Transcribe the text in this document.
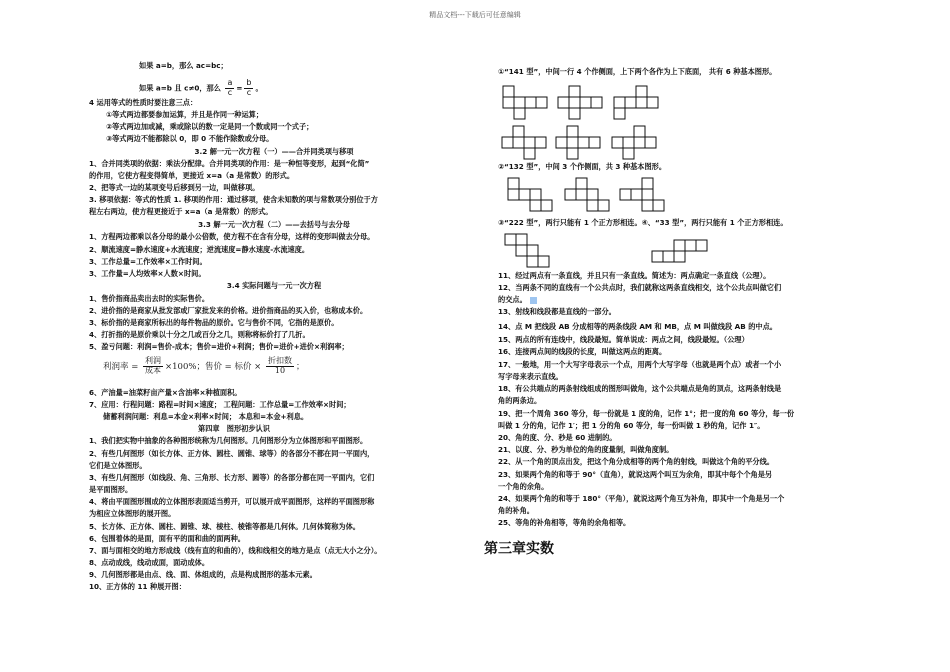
精品文档---下载后可任意编辑
如果 a=b，那么 ac=bc；
如果 a=b 且 c≠0，那么 $\frac{a}{c} = \frac{b}{c}$ 。
4 运用等式的性质时要注意三点：
①等式两边都要参加运算，并且是作同一种运算；
②等式两边加或减，乘或除以的数一定是同一个数或同一个式子；
③等式两边不能都除以 0，即 0 不能作除数或分母。
3.2 解一元一次方程（一）——合并同类项与移项
1、合并同类项的依据：乘法分配律。合并同类项的作用：是一种恒等变形，起到“化简”
的作用，它使方程变得简单，更接近 x=a（a 是常数）的形式。
2、把等式一边的某项变号后移到另一边，叫做移项。
3. 移项依据：等式的性质 1. 移项的作用：通过移项，使含未知数的项与常数项分别位于方
程左右两边，使方程更接近于 x=a（a 是常数）的形式。
3.3 解一元一次方程（二）——去括号与去分母
1、方程两边都乘以各分母的最小公倍数，使方程不在含有分母，这样的变形叫做去分母。
2、顺流速度=静水速度+水流速度；逆流速度=静水速度-水流速度。
3、工作总量=工作效率×工作时间。
3、工作量=人均效率×人数×时间。
3.4 实际问题与一元一次方程
1、售价指商品卖出去时的实际售价。
2、进价指的是商家从批发部或厂家批发来的价格。进价指商品的买入价，也称成本价。
3、标价指的是商家所标出的每件物品的原价。它与售价不同，它指的是原价。
4、打折指的是原价乘以十分之几或百分之几，则称将标价打了几折。
5、盈亏问题：利润=售价-成本；售价=进价+利润；售价=进价+进价×利润率；
利润率 = $\frac{\text{利润}}{\text{成本}} \times 100\%$；售价 = 标价 × $\frac{\text{折扣数}}{10}$ ；
6、产油量=油菜籽亩产量×含油率×种植面积。
7、应用：行程问题：路程=时间×速度； 工程问题：工作总量=工作效率×时间；
储蓄利润问题：利息=本金×利率×时间； 本息和=本金+利息。
第四章　图形初步认识
1、我们把实物中抽象的各种图形统称为几何图形。几何图形分为立体图形和平面图形。
2、有些几何图形（如长方体、正方体、圆柱、圆锥、球等）的各部分不都在同一平面内，
它们是立体图形。
3、有些几何图形（如线段、角、三角形、长方形、圆等）的各部分都在同一平面内，它们
是平面图形。
4、将由平面图形围成的立体图形表面适当剪开，可以展开成平面图形，这样的平面图形称
为相应立体图形的展开图。
5、长方体、正方体、圆柱、圆锥、球、棱柱、棱锥等都是几何体。几何体简称为体。
6、包围着体的是面，面有平的面和曲的面两种。
7、面与面相交的地方形成线（线有直的和曲的），线和线相交的地方是点（点无大小之分）。
8、点动成线，线动成面，面动成体。
9、几何图形都是由点、线、面、体组成的，点是构成图形的基本元素。
10、正方体的 11 种展开图：
①“141 型”，中间一行 4 个作侧面，上下两个各作为上下底面， 共有 6 种基本图形。
②“132 型”，中间 3 个作侧面，共 3 种基本图形。
③“222 型”，两行只能有 1 个正方形相连。④、“33 型”，两行只能有 1 个正方形相连。
11、经过两点有一条直线，并且只有一条直线。简述为：两点确定一条直线（公理）。
12、当两条不同的直线有一个公共点时，我们就称这两条直线相交，这个公共点叫做它们
的交点。
13、射线和线段都是直线的一部分。
14、点 M 把线段 AB 分成相等的两条线段 AM 和 MB，点 M 叫做线段 AB 的中点。
15、两点的所有连线中，线段最短。简单说成：两点之间，线段最短。（公理）
16、连接两点间的线段的长度，叫做这两点的距离。
17、一般地，用一个大写字母表示一个点，用两个大写字母（也就是两个点）或者一个小
写字母来表示直线。
18、有公共端点的两条射线组成的图形叫做角，这个公共端点是角的顶点，这两条射线是
角的两条边。
19、把一个周角 360 等分，每一份就是 1 度的角，记作 1°；把一度的角 60 等分，每一份
叫做 1 分的角，记作 1′；把 1 分的角 60 等分，每一份叫做 1 秒的角，记作 1″。
20、角的度、分、秒是 60 进制的。
21、以度、分、秒为单位的角的度量制，叫做角度制。
22、从一个角的顶点出发，把这个角分成相等的两个角的射线，叫做这个角的平分线。
23、如果两个角的和等于 90°（直角），就说这两个叫互为余角，即其中每个个角是另
一个角的余角。
24、如果两个角的和等于 180°（平角），就说这两个角互为补角，即其中一个角是另一个
角的补角。
25、等角的补角相等，等角的余角相等。
第三章实数
